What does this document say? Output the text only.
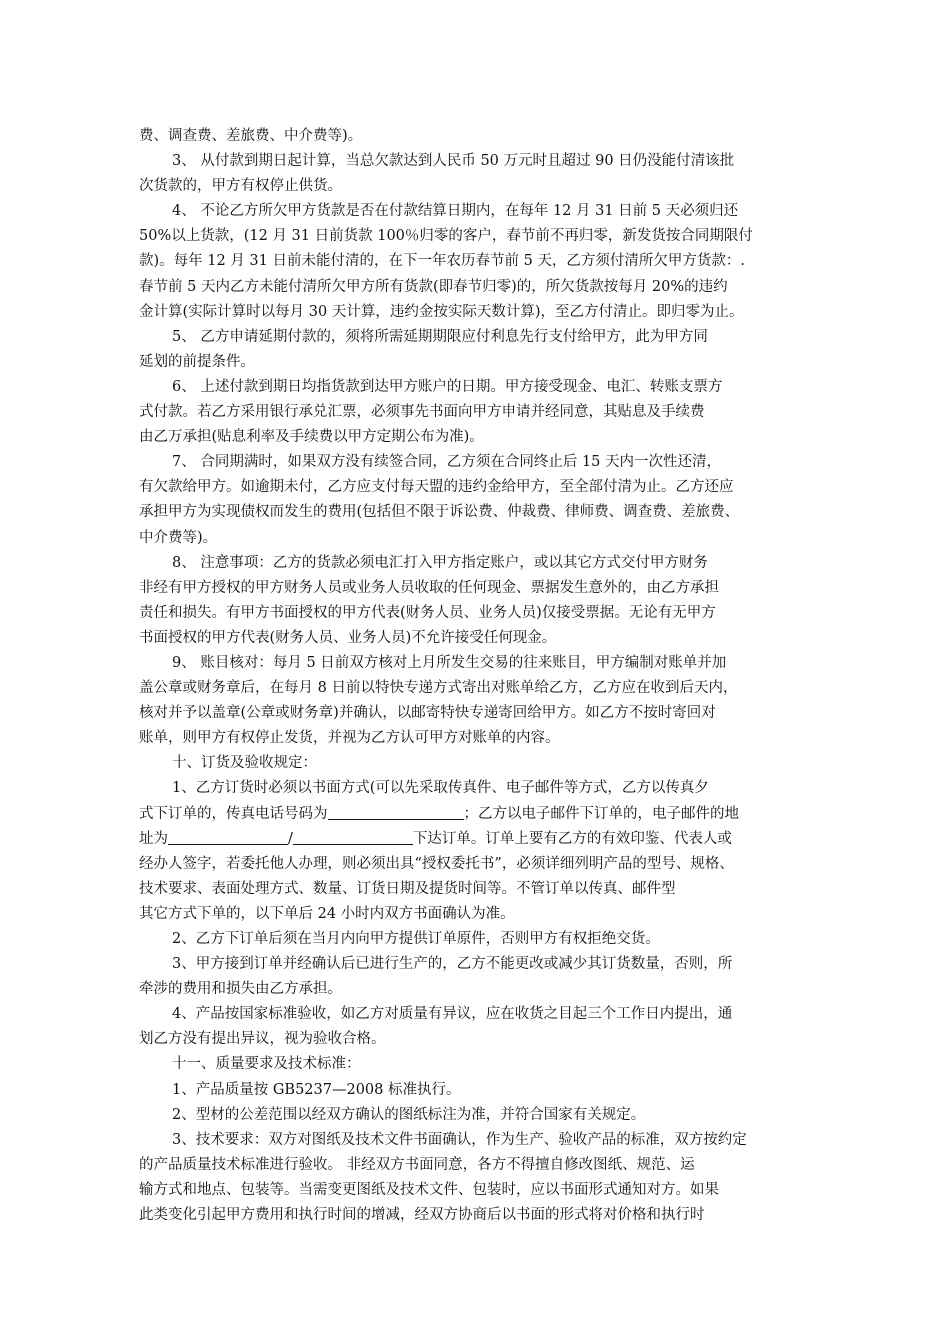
费、调查费、差旅费、中介费等)。
3、 从付款到期日起计算，当总欠款达到人民币 50 万元时且超过 90 日仍没能付清该批
次货款的，甲方有权停止供货。
4、 不论乙方所欠甲方货款是否在付款结算日期内，在每年 12 月 31 日前 5 天必须归还
50%以上货款，(12 月 31 日前货款 100％归零的客户，春节前不再归零，新发货按合同期限付
款)。每年 12 月 31 日前未能付清的，在下一年农历春节前 5 天，乙方须付清所欠甲方货款：.
春节前 5 天内乙方未能付清所欠甲方所有货款(即春节归零)的，所欠货款按每月 20%的违约
金计算(实际计算时以每月 30 天计算，违约金按实际天数计算)，至乙方付清止。即归零为止。
5、 乙方申请延期付款的，须将所需延期期限应付利息先行支付给甲方，此为甲方同
延划的前提条件。
6、 上述付款到期日均指货款到达甲方账户的日期。甲方接受现金、电汇、转账支票方
式付款。若乙方采用银行承兑汇票，必须事先书面向甲方申请并经同意，其贴息及手续费
由乙万承担(贴息利率及手续费以甲方定期公布为准)。
7、 合同期满时，如果双方没有续签合同，乙方须在合同终止后 15 天内一次性还清，
有欠款给甲方。如逾期未付，乙方应支付每天盟的违约金给甲方，至全部付清为止。乙方还应
承担甲方为实现债权而发生的费用(包括但不限于诉讼费、仲裁费、律师费、调查费、差旅费、
中介费等)。
8、 注意事项：乙方的货款必须电汇打入甲方指定账户，或以其它方式交付甲方财务
非经有甲方授权的甲方财务人员或业务人员收取的任何现金、票据发生意外的，由乙方承担
责任和损失。有甲方书面授权的甲方代表(财务人员、业务人员)仅接受票据。无论有无甲方
书面授权的甲方代表(财务人员、业务人员)不允许接受任何现金。
9、 账目核对：每月 5 日前双方核对上月所发生交易的往来账目，甲方编制对账单并加
盖公章或财务章后，在每月 8 日前以特快专递方式寄出对账单给乙方，乙方应在收到后天内，
核对并予以盖章(公章或财务章)并确认，以邮寄特快专递寄回给甲方。如乙方不按时寄回对
账单，则甲方有权停止发货，并视为乙方认可甲方对账单的内容。
十、订货及验收规定：
1、乙方订货时必须以书面方式(可以先采取传真件、电子邮件等方式，乙方以传真夕
式下订单的，传真电话号码为	；乙方以电子邮件下订单的，电子邮件的地
址为	/	下达订单。订单上要有乙方的有效印鉴、代表人或
经办人签字，若委托他人办理，则必须出具“授权委托书”，必须详细列明产品的型号、规格、
技术要求、表面处理方式、数量、订货日期及提货时间等。不管订单以传真、邮件型
其它方式下单的，以下单后 24 小时内双方书面确认为准。
2、乙方下订单后须在当月内向甲方提供订单原件，否则甲方有权拒绝交货。
3、甲方接到订单并经确认后已进行生产的，乙方不能更改或减少其订货数量，否则，所
牵涉的费用和损失由乙方承担。
4、产品按国家标准验收，如乙方对质量有异议，应在收货之目起三个工作日内提出，通
划乙方没有提出异议，视为验收合格。
十一、质量要求及技术标准：
1、产品质量按 GB5237—2008 标准执行。
2、型材的公差范围以经双方确认的图纸标注为准，并符合国家有关规定。
3、技术要求：双方对图纸及技术文件书面确认，作为生产、验收产品的标准，双方按约定
的产品质量技术标准进行验收。 非经双方书面同意，各方不得擅自修改图纸、规范、运
输方式和地点、包装等。当需变更图纸及技术文件、包装时，应以书面形式通知对方。如果
此类变化引起甲方费用和执行时间的增减，经双方协商后以书面的形式将对价格和执行时
